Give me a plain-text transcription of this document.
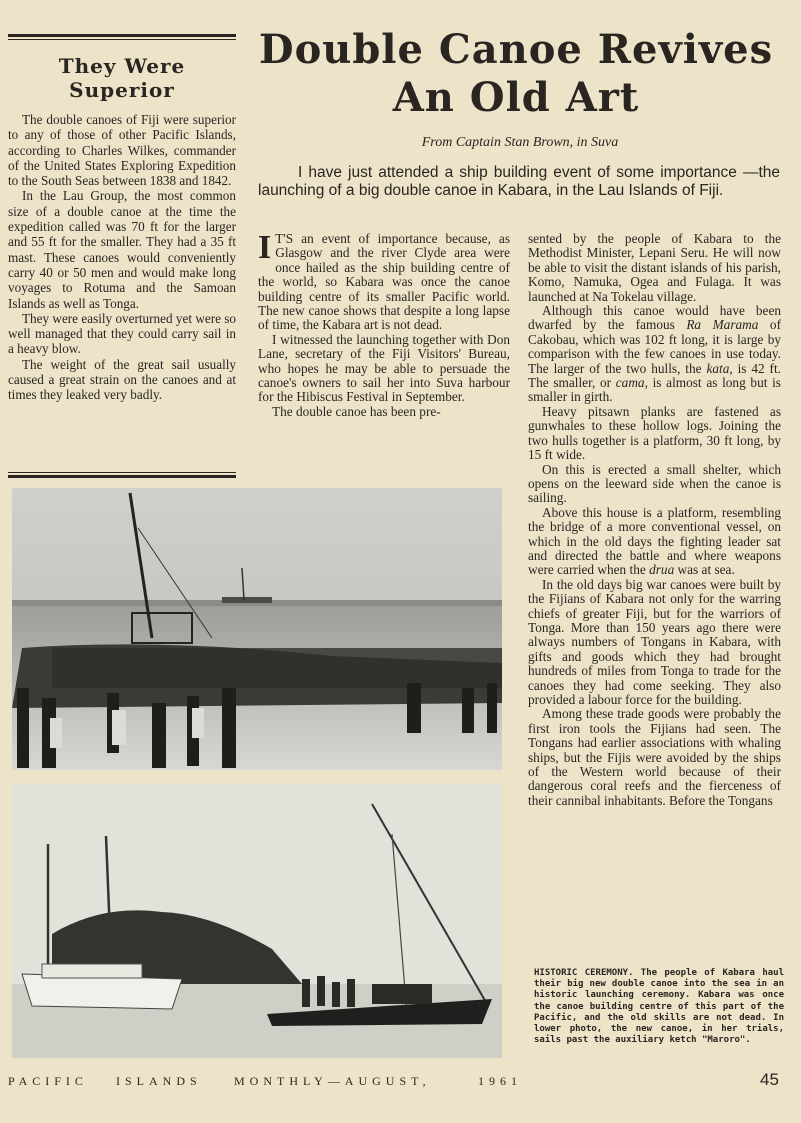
They Were
Superior

The double canoes of Fiji were superior to any of those of other Pacific Islands, according to Charles Wilkes, commander of the United States Exploring Expedition to the South Seas between 1838 and 1842.

In the Lau Group, the most common size of a double canoe at the time the expedition called was 70 ft for the larger and 55 ft for the smaller. They had a 35 ft mast. These canoes would conveniently carry 40 or 50 men and would make long voyages to Rotuma and the Samoan Islands as well as Tonga.

They were easily overturned yet were so well managed that they could carry sail in a heavy blow.

The weight of the great sail usually caused a great strain on the canoes and at times they leaked very badly.

Double Canoe Revives
An Old Art
From Captain Stan Brown, in Suva

I have just attended a ship building event of some importance —the launching of a big double canoe in Kabara, in the Lau Islands of Fiji.

I T'S an event of importance because, as Glasgow and the river Clyde area were once hailed as the ship building centre of the world, so Kabara was once the canoe building centre of its smaller Pacific world. The new canoe shows that despite a long lapse of time, the Kabara art is not dead.

I witnessed the launching together with Don Lane, secretary of the Fiji Visitors' Bureau, who hopes he may be able to persuade the canoe's owners to sail her into Suva harbour for the Hibiscus Festival in September.

The double canoe has been pre-

sented by the people of Kabara to the Methodist Minister, Lepani Seru. He will now be able to visit the distant islands of his parish, Komo, Namuka, Ogea and Fulaga. It was launched at Na Tokelau village.

Although this canoe would have been dwarfed by the famous Ra Marama of Cakobau, which was 102 ft long, it is large by comparison with the few canoes in use today. The larger of the two hulls, the kata, is 42 ft. The smaller, or cama, is almost as long but is smaller in girth.

Heavy pitsawn planks are fastened as gunwhales to these hollow logs. Joining the two hulls together is a platform, 30 ft long, by 15 ft wide.

On this is erected a small shelter, which opens on the leeward side when the canoe is sailing.

Above this house is a platform, resembling the bridge of a more conventional vessel, on which in the old days the fighting leader sat and directed the battle and where weapons were carried when the drua was at sea.

In the old days big war canoes were built by the Fijians of Kabara not only for the warring chiefs of greater Fiji, but for the warriors of Tonga. More than 150 years ago there were always numbers of Tongans in Kabara, with gifts and goods which they had brought hundreds of miles from Tonga to trade for the canoes they had come seeking. They also provided a labour force for the building.

Among these trade goods were probably the first iron tools the Fijians had seen. The Tongans had earlier associations with whaling ships, but the Fijis were avoided by the ships of the Western world because of their dangerous coral reefs and the fierceness of their cannibal inhabitants. Before the Tongans

HISTORIC CEREMONY. The people of Kabara haul their big new double canoe into the sea in an historic launching ceremony. Kabara was once the canoe building centre of this part of the Pacific, and the old skills are not dead. In lower photo, the new canoe, in her trials, sails past the auxiliary ketch "Maroro".
PACIFIC ISLANDS	MONTHLY—AUGUST,	1961	45
